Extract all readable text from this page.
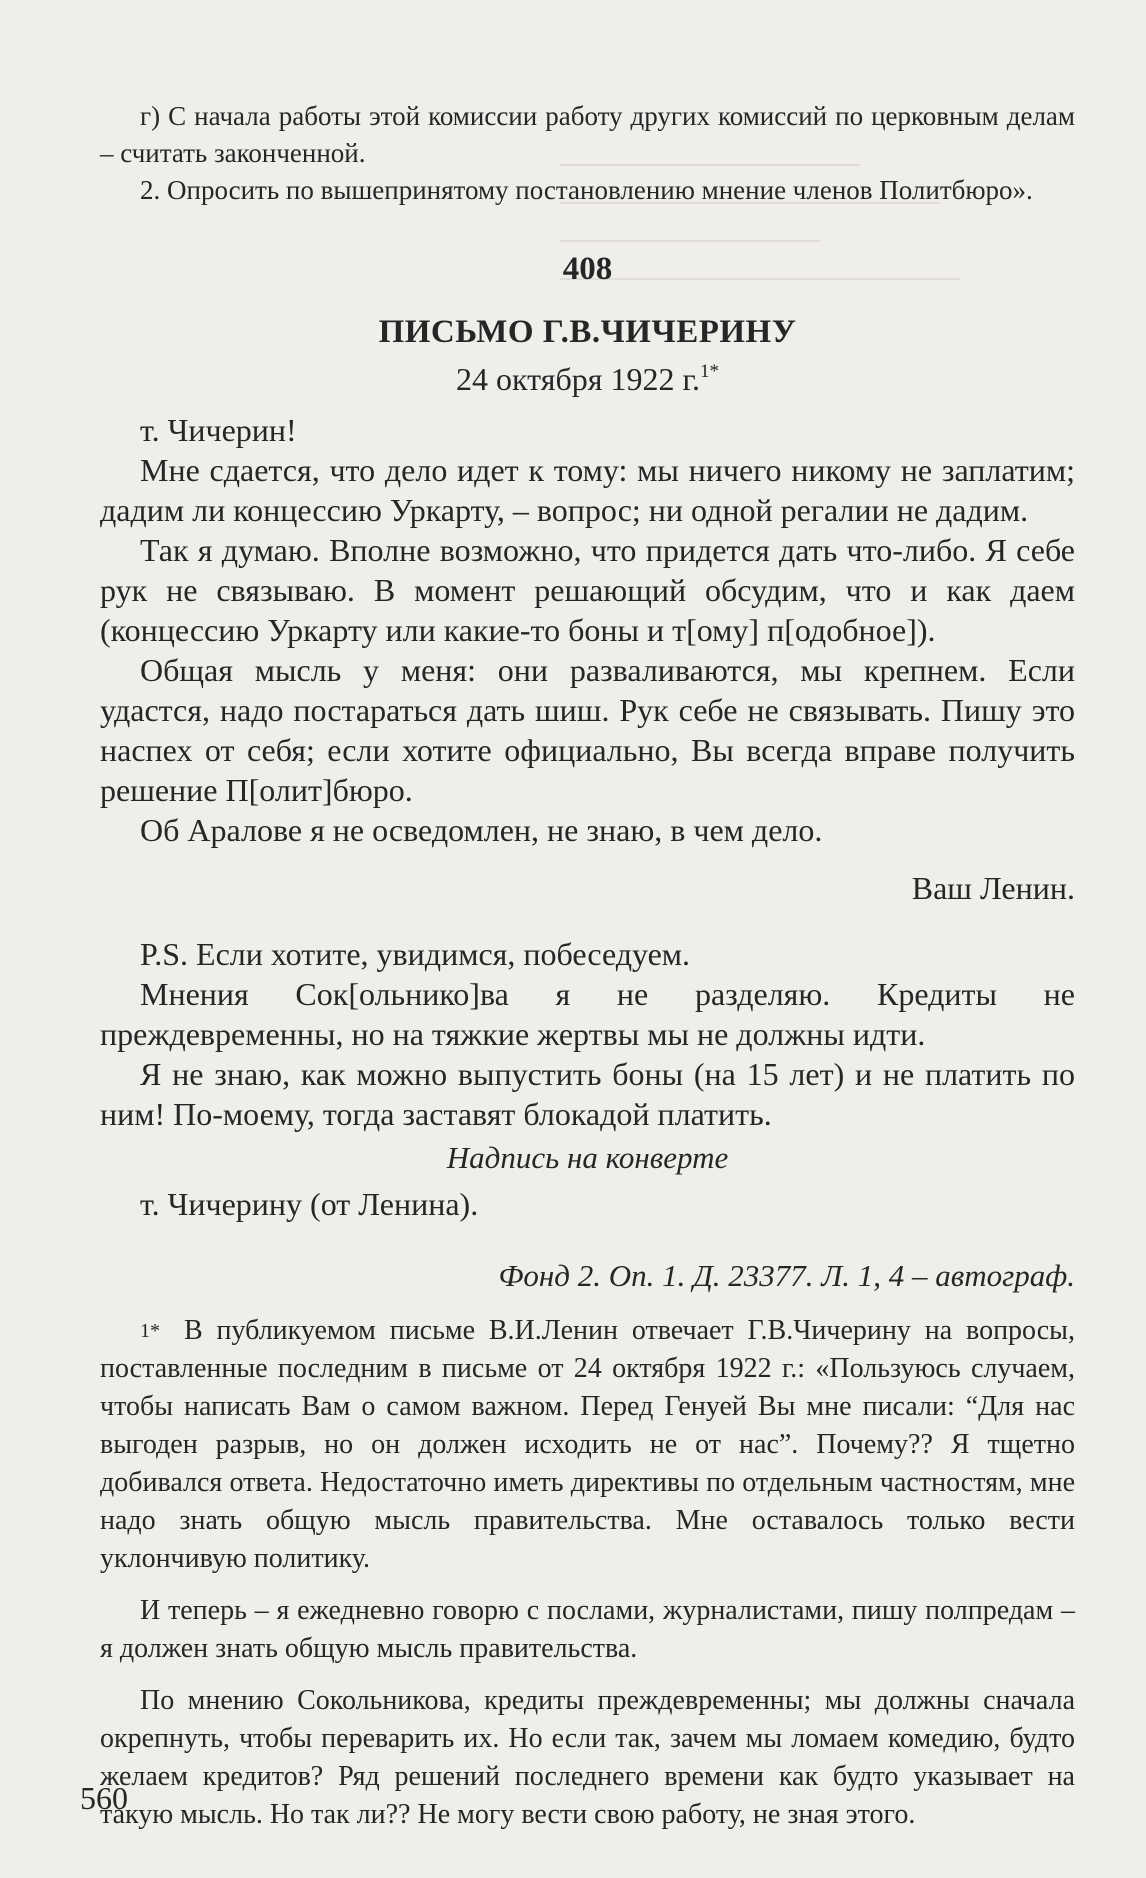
г) С начала работы этой комиссии работу других комиссий по церковным делам – считать законченной.

2. Опросить по вышепринятому постановлению мнение членов Политбюро».

408
ПИСЬМО Г.В.ЧИЧЕРИНУ
24 октября 1922 г.$^{1*}$

т. Чичерин!

Мне сдается, что дело идет к тому: мы ничего никому не заплатим; дадим ли концессию Уркарту, – вопрос; ни одной регалии не дадим.

Так я думаю. Вполне возможно, что придется дать что-либо. Я себе рук не связываю. В момент решающий обсудим, что и как даем (концессию Уркарту или какие-то боны и т[ому] п[одобное]).

Общая мысль у меня: они разваливаются, мы крепнем. Если удастся, надо постараться дать шиш. Рук себе не связывать. Пишу это наспех от себя; если хотите официально, Вы всегда вправе получить решение П[олит]бюро.

Об Аралове я не осведомлен, не знаю, в чем дело.

Ваш Ленин.

P.S. Если хотите, увидимся, побеседуем.

Мнения Сок[ольнико]ва я не разделяю. Кредиты не преждевременны, но на тяжкие жертвы мы не должны идти.

Я не знаю, как можно выпустить боны (на 15 лет) и не платить по ним! По-моему, тогда заставят блокадой платить.

Надпись на конверте

т. Чичерину (от Ленина).

Фонд 2. Оп. 1. Д. 23377. Л. 1, 4 – автограф.

$^{1*}$ В публикуемом письме В.И.Ленин отвечает Г.В.Чичерину на вопросы, поставленные последним в письме от 24 октября 1922 г.: «Пользуюсь случаем, чтобы написать Вам о самом важном. Перед Генуей Вы мне писали: “Для нас выгоден разрыв, но он должен исходить не от нас”. Почему?? Я тщетно добивался ответа. Недостаточно иметь директивы по отдельным частностям, мне надо знать общую мысль правительства. Мне оставалось только вести уклончивую политику.

И теперь – я ежедневно говорю с послами, журналистами, пишу полпредам – я должен знать общую мысль правительства.

По мнению Сокольникова, кредиты преждевременны; мы должны сначала окрепнуть, чтобы переварить их. Но если так, зачем мы ломаем комедию, будто желаем кредитов? Ряд решений последнего времени как будто указывает на такую мысль. Но так ли?? Не могу вести свою работу, не зная этого.

560
